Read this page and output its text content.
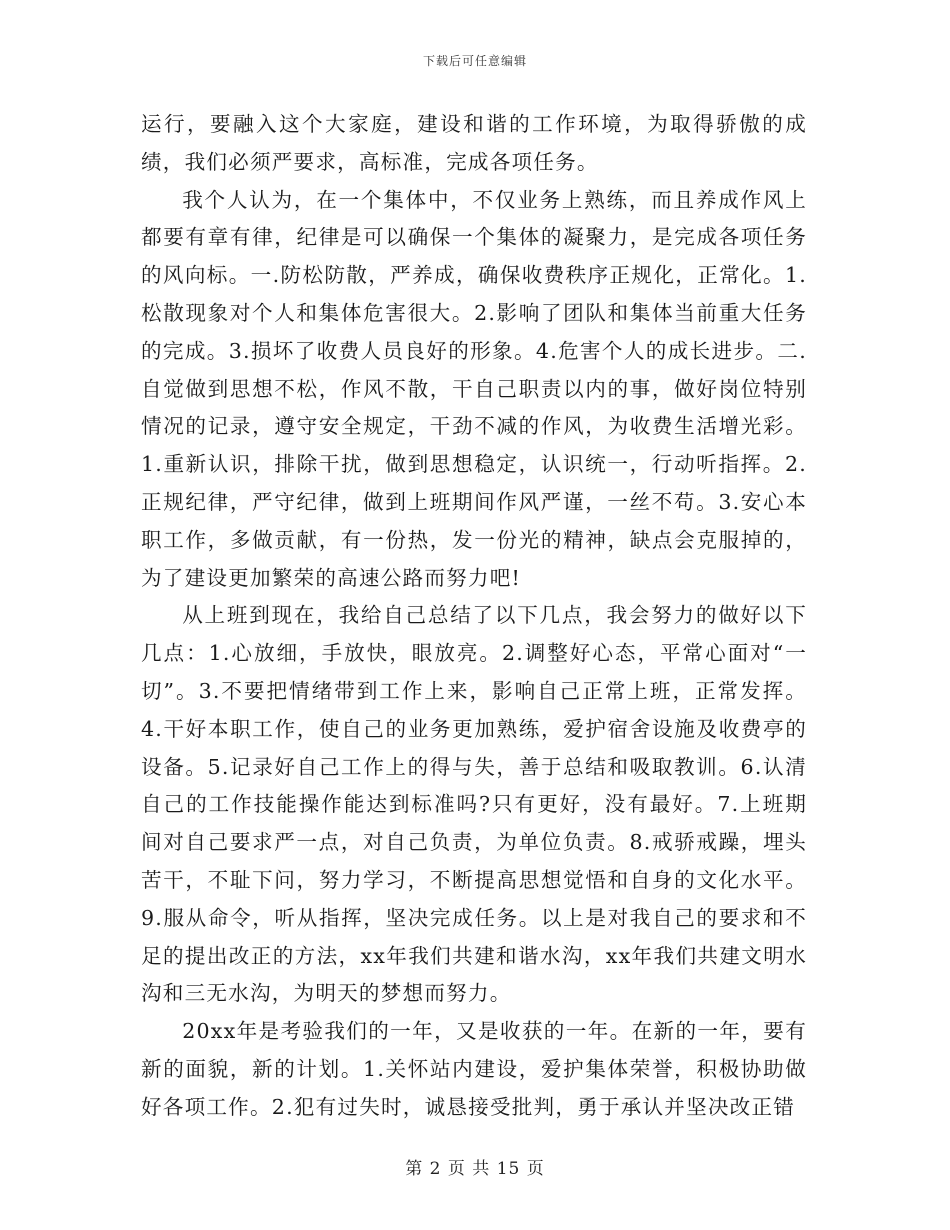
下载后可任意编辑

运行，要融入这个大家庭，建设和谐的工作环境，为取得骄傲的成绩，我们必须严要求，高标准，完成各项任务。

我个人认为，在一个集体中，不仅业务上熟练，而且养成作风上都要有章有律，纪律是可以确保一个集体的凝聚力，是完成各项任务的风向标。一.防松防散，严养成，确保收费秩序正规化，正常化。1.松散现象对个人和集体危害很大。2.影响了团队和集体当前重大任务的完成。3.损坏了收费人员良好的形象。4.危害个人的成长进步。二.自觉做到思想不松，作风不散，干自己职责以内的事，做好岗位特别情况的记录，遵守安全规定，干劲不减的作风，为收费生活增光彩。1.重新认识，排除干扰，做到思想稳定，认识统一，行动听指挥。2.正规纪律，严守纪律，做到上班期间作风严谨，一丝不苟。3.安心本职工作，多做贡献，有一份热，发一份光的精神，缺点会克服掉的，为了建设更加繁荣的高速公路而努力吧!

从上班到现在，我给自己总结了以下几点，我会努力的做好以下几点：1.心放细，手放快，眼放亮。2.调整好心态，平常心面对“一切”。3.不要把情绪带到工作上来，影响自己正常上班，正常发挥。4.干好本职工作，使自己的业务更加熟练，爱护宿舍设施及收费亭的设备。5.记录好自己工作上的得与失，善于总结和吸取教训。6.认清自己的工作技能操作能达到标准吗?只有更好，没有最好。7.上班期间对自己要求严一点，对自己负责，为单位负责。8.戒骄戒躁，埋头苦干，不耻下问，努力学习，不断提高思想觉悟和自身的文化水平。9.服从命令，听从指挥，坚决完成任务。以上是对我自己的要求和不足的提出改正的方法，xx年我们共建和谐水沟，xx年我们共建文明水沟和三无水沟，为明天的梦想而努力。

20xx年是考验我们的一年，又是收获的一年。在新的一年，要有新的面貌，新的计划。1.关怀站内建设，爱护集体荣誉，积极协助做好各项工作。2.犯有过失时，诚恳接受批判，勇于承认并坚决改正错

第 2 页 共 15 页
